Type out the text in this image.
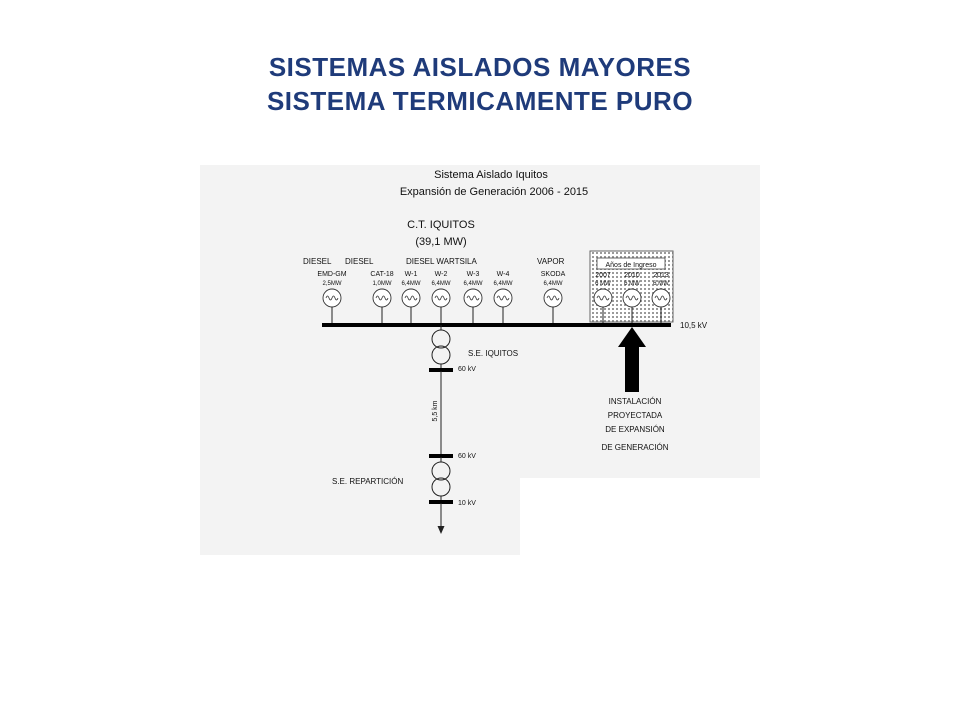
SISTEMAS AISLADOS MAYORES
SISTEMA TERMICAMENTE PURO
Sistema Aislado Iquitos
Expansión de Generación 2006 - 2015
C.T. IQUITOS
(39,1 MW)
DIESEL DIESEL	DIESEL WARTSILA	VAPOR	Años de Ingreso
EMD-GM
2,5MW
CAT-18
1,0MW
W-1
6,4MW
W-2
6,4MW
W-3
6,4MW
W-4
6,4MW
SKODA
6,4MW
2007
6 MW
2010
6 MW
2013
6 MW
10,5 kV
S.E. IQUITOS
60 kV
5,5 km
60 kV
S.E. REPARTICIÓN
10 kV
INSTALACIÓN
PROYECTADA
DE EXPANSIÓN
DE GENERACIÓN
